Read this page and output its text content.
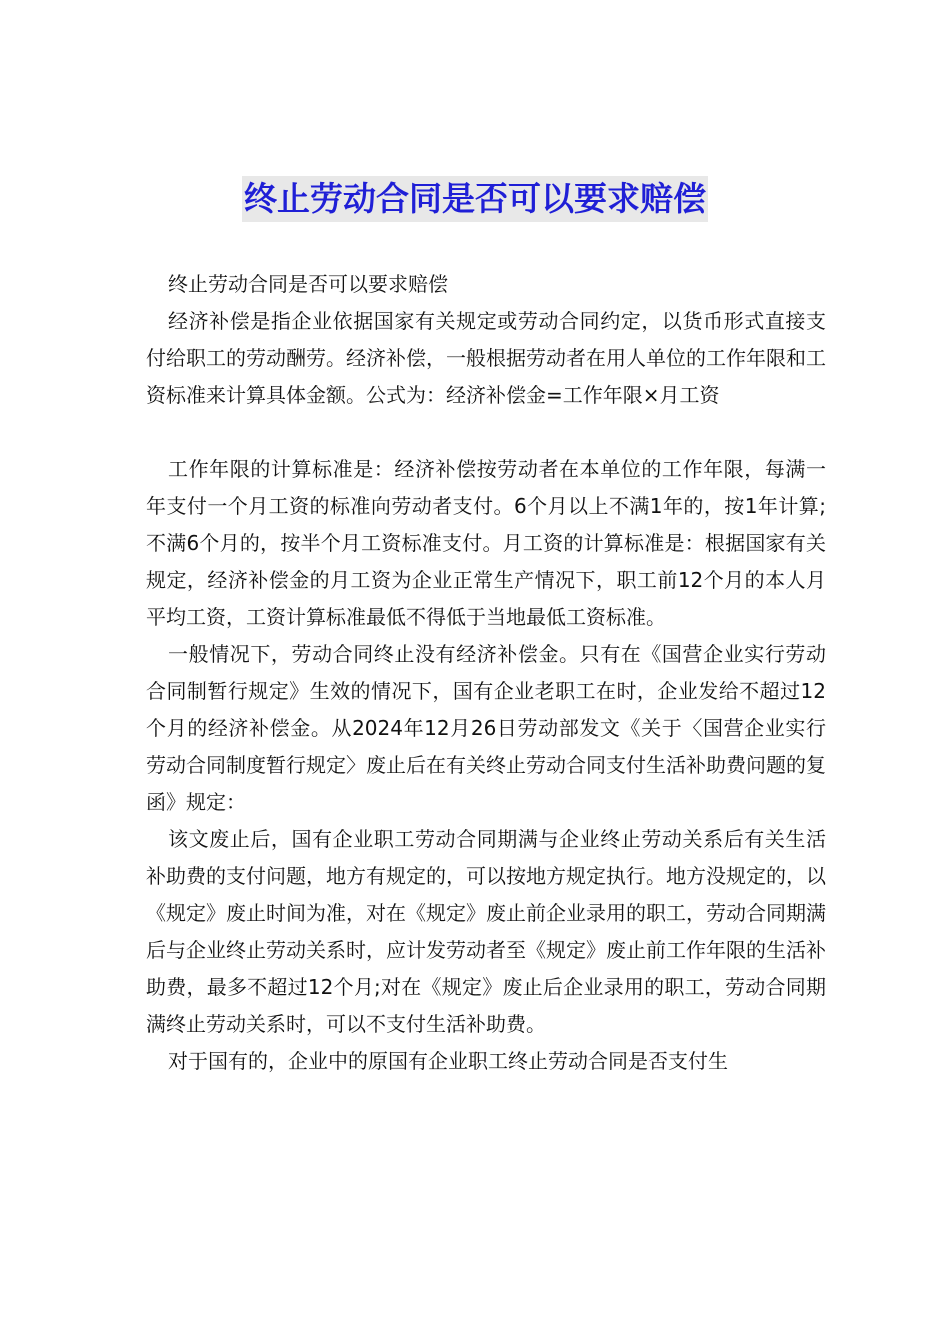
终止劳动合同是否可以要求赔偿

终止劳动合同是否可以要求赔偿

经济补偿是指企业依据国家有关规定或劳动合同约定，以货币形式直接支付给职工的劳动酬劳。经济补偿，一般根据劳动者在用人单位的工作年限和工资标准来计算具体金额。公式为：经济补偿金=工作年限×月工资

工作年限的计算标准是：经济补偿按劳动者在本单位的工作年限，每满一年支付一个月工资的标准向劳动者支付。6个月以上不满1年的，按1年计算;不满6个月的，按半个月工资标准支付。月工资的计算标准是：根据国家有关规定，经济补偿金的月工资为企业正常生产情况下，职工前12个月的本人月平均工资，工资计算标准最低不得低于当地最低工资标准。

一般情况下，劳动合同终止没有经济补偿金。只有在《国营企业实行劳动合同制暂行规定》生效的情况下，国有企业老职工在时，企业发给不超过12个月的经济补偿金。从2024年12月26日劳动部发文《关于〈国营企业实行劳动合同制度暂行规定〉废止后在有关终止劳动合同支付生活补助费问题的复函》规定：

该文废止后，国有企业职工劳动合同期满与企业终止劳动关系后有关生活补助费的支付问题，地方有规定的，可以按地方规定执行。地方没规定的，以《规定》废止时间为准，对在《规定》废止前企业录用的职工，劳动合同期满后与企业终止劳动关系时，应计发劳动者至《规定》废止前工作年限的生活补助费，最多不超过12个月;对在《规定》废止后企业录用的职工，劳动合同期满终止劳动关系时，可以不支付生活补助费。

对于国有的，企业中的原国有企业职工终止劳动合同是否支付生
